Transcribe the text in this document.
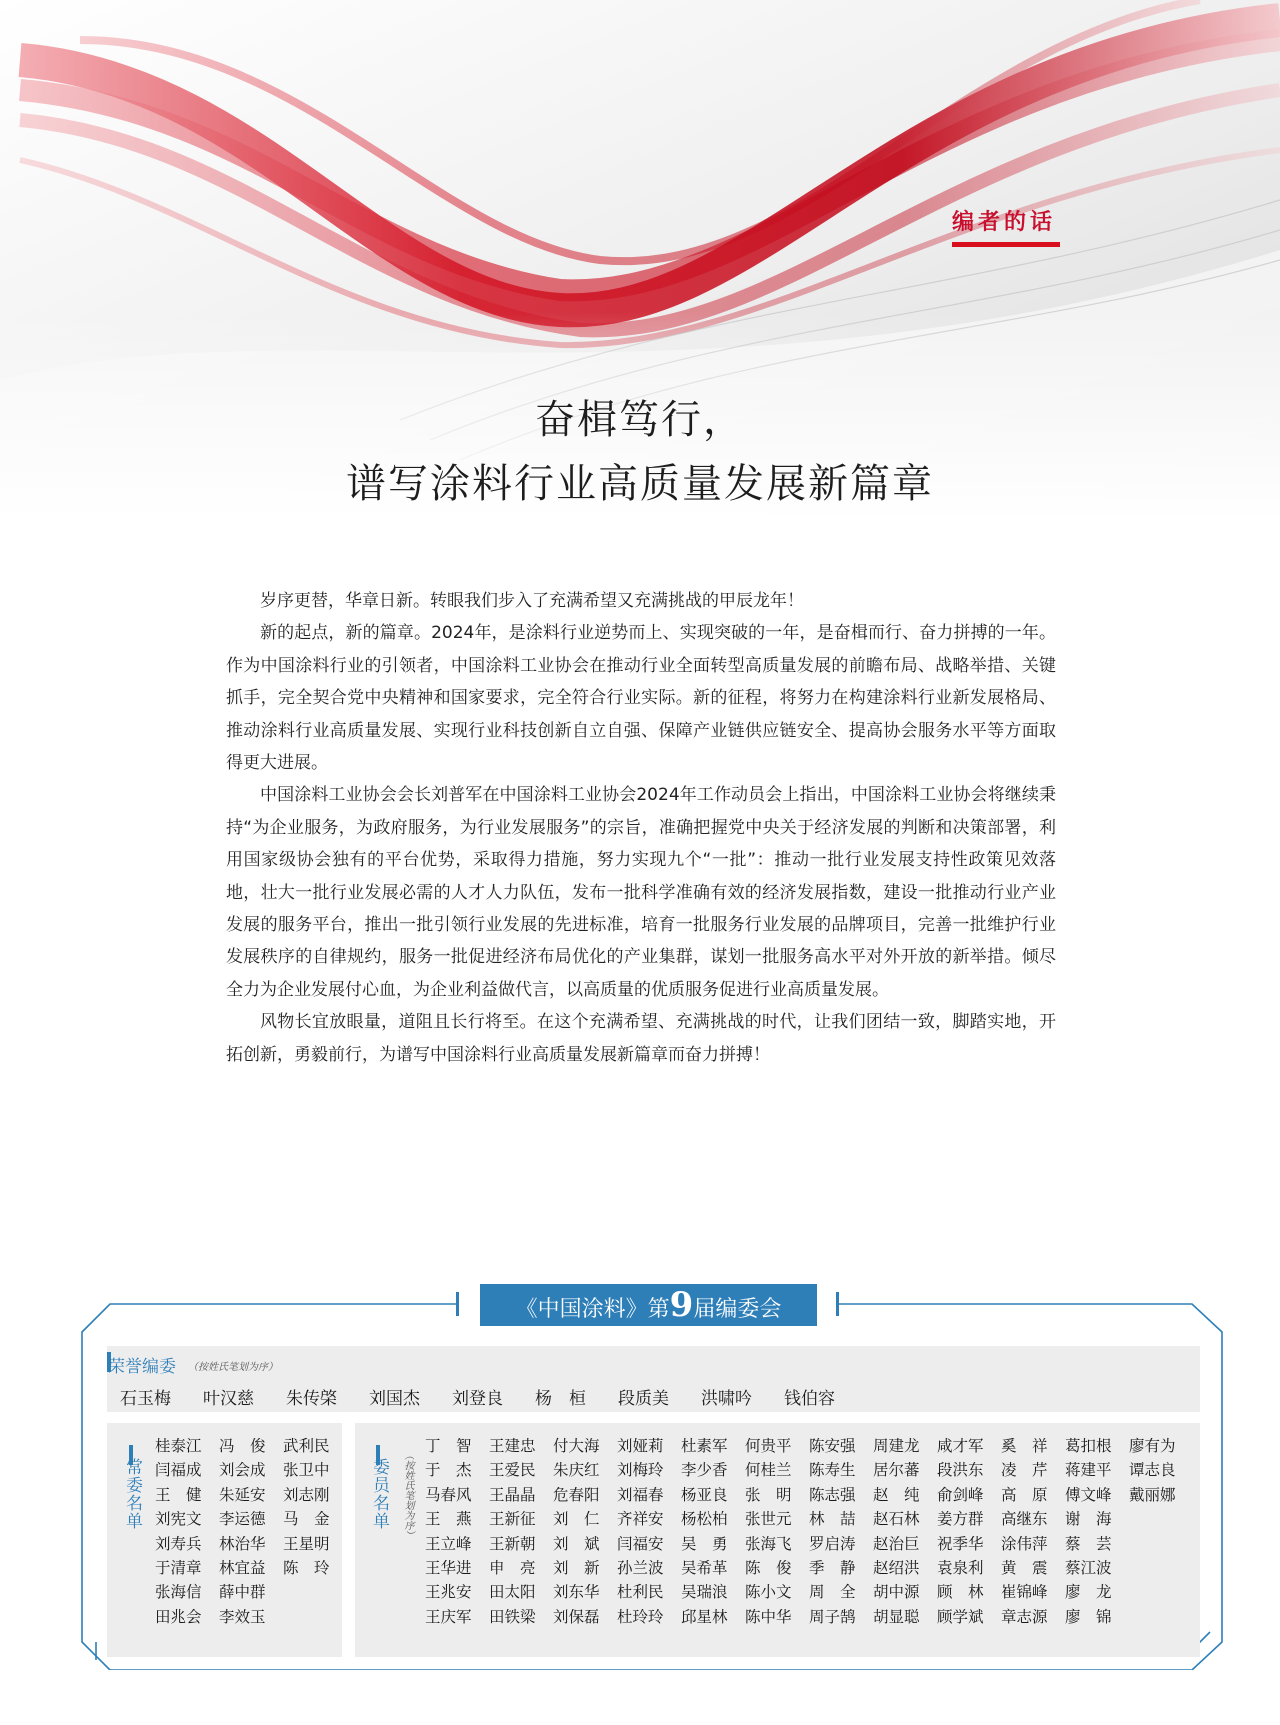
编者的话
奋楫笃行，
谱写涂料行业高质量发展新篇章

岁序更替，华章日新。转眼我们步入了充满希望又充满挑战的甲辰龙年！

新的起点，新的篇章。2024年，是涂料行业逆势而上、实现突破的一年，是奋楫而行、奋力拼搏的一年。作为中国涂料行业的引领者，中国涂料工业协会在推动行业全面转型高质量发展的前瞻布局、战略举措、关键抓手，完全契合党中央精神和国家要求，完全符合行业实际。新的征程，将努力在构建涂料行业新发展格局、推动涂料行业高质量发展、实现行业科技创新自立自强、保障产业链供应链安全、提高协会服务水平等方面取得更大进展。

中国涂料工业协会会长刘普军在中国涂料工业协会2024年工作动员会上指出，中国涂料工业协会将继续秉持“为企业服务，为政府服务，为行业发展服务”的宗旨，准确把握党中央关于经济发展的判断和决策部署，利用国家级协会独有的平台优势，采取得力措施，努力实现九个“一批”：推动一批行业发展支持性政策见效落地，壮大一批行业发展必需的人才人力队伍，发布一批科学准确有效的经济发展指数，建设一批推动行业产业发展的服务平台，推出一批引领行业发展的先进标准，培育一批服务行业发展的品牌项目，完善一批维护行业发展秩序的自律规约，服务一批促进经济布局优化的产业集群，谋划一批服务高水平对外开放的新举措。倾尽全力为企业发展付心血，为企业利益做代言，以高质量的优质服务促进行业高质量发展。

风物长宜放眼量，道阻且长行将至。在这个充满希望、充满挑战的时代，让我们团结一致，脚踏实地，开拓创新，勇毅前行，为谱写中国涂料行业高质量发展新篇章而奋力拼搏！

《中国涂料》第9届编委会
荣誉编委 （按姓氏笔划为序）
石玉梅 叶汉慈 朱传棨 刘国杰 刘登良 杨　桓 段质美 洪啸吟 钱伯容
常委名单
桂泰江	冯　俊	武利民
闫福成	刘会成	张卫中
王　健	朱延安	刘志刚
刘宪文	李运德	马　金
刘寿兵	林治华	王星明
于清章	林宜益	陈　玲
张海信	薛中群
田兆会	李效玉
委员名单	（按姓氏笔划为序）
丁　智	王建忠	付大海	刘娅莉	杜素军	何贵平	陈安强	周建龙	咸才军	奚　祥	葛扣根	廖有为
于　杰	王爱民	朱庆红	刘梅玲	李少香	何桂兰	陈寿生	居尔蕃	段洪东	凌　芹	蒋建平	谭志良
马春风	王晶晶	危春阳	刘福春	杨亚良	张　明	陈志强	赵　纯	俞剑峰	高　原	傅文峰	戴丽娜
王　燕	王新征	刘　仁	齐祥安	杨松柏	张世元	林　喆	赵石林	姜方群	高继东	谢　海
王立峰	王新朝	刘　斌	闫福安	吴　勇	张海飞	罗启涛	赵治巨	祝季华	涂伟萍	蔡　芸
王华进	申　亮	刘　新	孙兰波	吴希革	陈　俊	季　静	赵绍洪	袁泉利	黄　震	蔡江波
王兆安	田太阳	刘东华	杜利民	吴瑞浪	陈小文	周　全	胡中源	顾　林	崔锦峰	廖　龙
王庆军	田铁梁	刘保磊	杜玲玲	邱星林	陈中华	周子鹄	胡显聪	顾学斌	章志源	廖　锦
